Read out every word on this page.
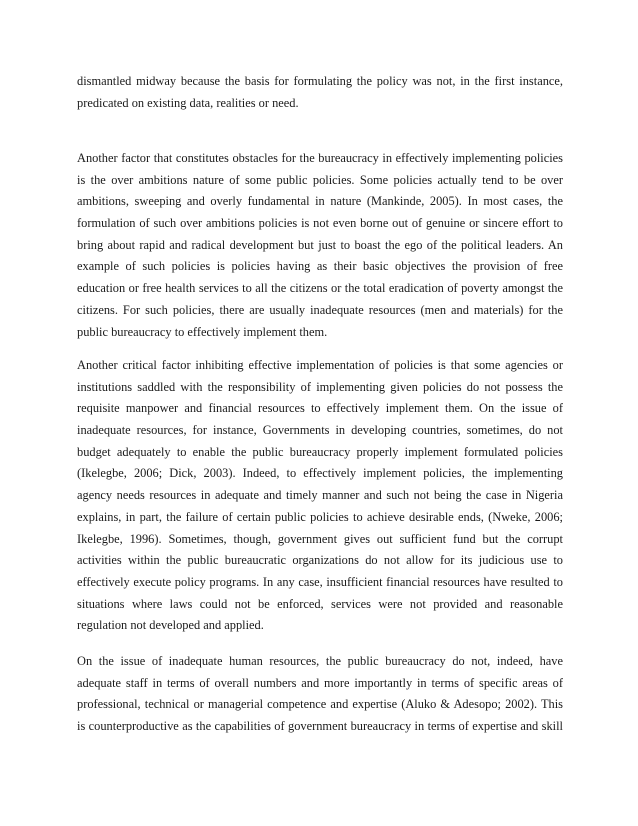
dismantled midway because the basis for formulating the policy was not, in the first instance,
predicated on existing data, realities or need.
Another factor that constitutes obstacles for the bureaucracy in effectively implementing policies
is the over ambitions nature of some public policies. Some policies actually tend to be over
ambitions, sweeping and overly fundamental in nature (Mankinde, 2005). In most cases, the
formulation of such over ambitions policies is not even borne out of genuine or sincere effort to
bring about rapid and radical development but just to boast the ego of the political leaders. An
example of such policies is policies having as their basic objectives the provision of free
education or free health services to all the citizens or the total eradication of poverty amongst the
citizens. For such policies, there are usually inadequate resources (men and materials) for the
public bureaucracy to effectively implement them.
Another critical factor inhibiting effective implementation of policies is that some agencies or
institutions saddled with the responsibility of implementing given policies do not possess the
requisite manpower and financial resources to effectively implement them. On the issue of
inadequate resources, for instance, Governments in developing countries, sometimes, do not
budget adequately to enable the public bureaucracy properly implement formulated policies
(Ikelegbe, 2006; Dick, 2003). Indeed, to effectively implement policies, the implementing
agency needs resources in adequate and timely manner and such not being the case in Nigeria
explains, in part, the failure of certain public policies to achieve desirable ends, (Nweke, 2006;
Ikelegbe, 1996). Sometimes, though, government gives out sufficient fund but the corrupt
activities within the public bureaucratic organizations do not allow for its judicious use to
effectively execute policy programs. In any case, insufficient financial resources have resulted to
situations where laws could not be enforced, services were not provided and reasonable
regulation not developed and applied.
On the issue of inadequate human resources, the public bureaucracy do not, indeed, have
adequate staff in terms of overall numbers and more importantly in terms of specific areas of
professional, technical or managerial competence and expertise (Aluko & Adesopo; 2002). This
is counterproductive as the capabilities of government bureaucracy in terms of expertise and skill
